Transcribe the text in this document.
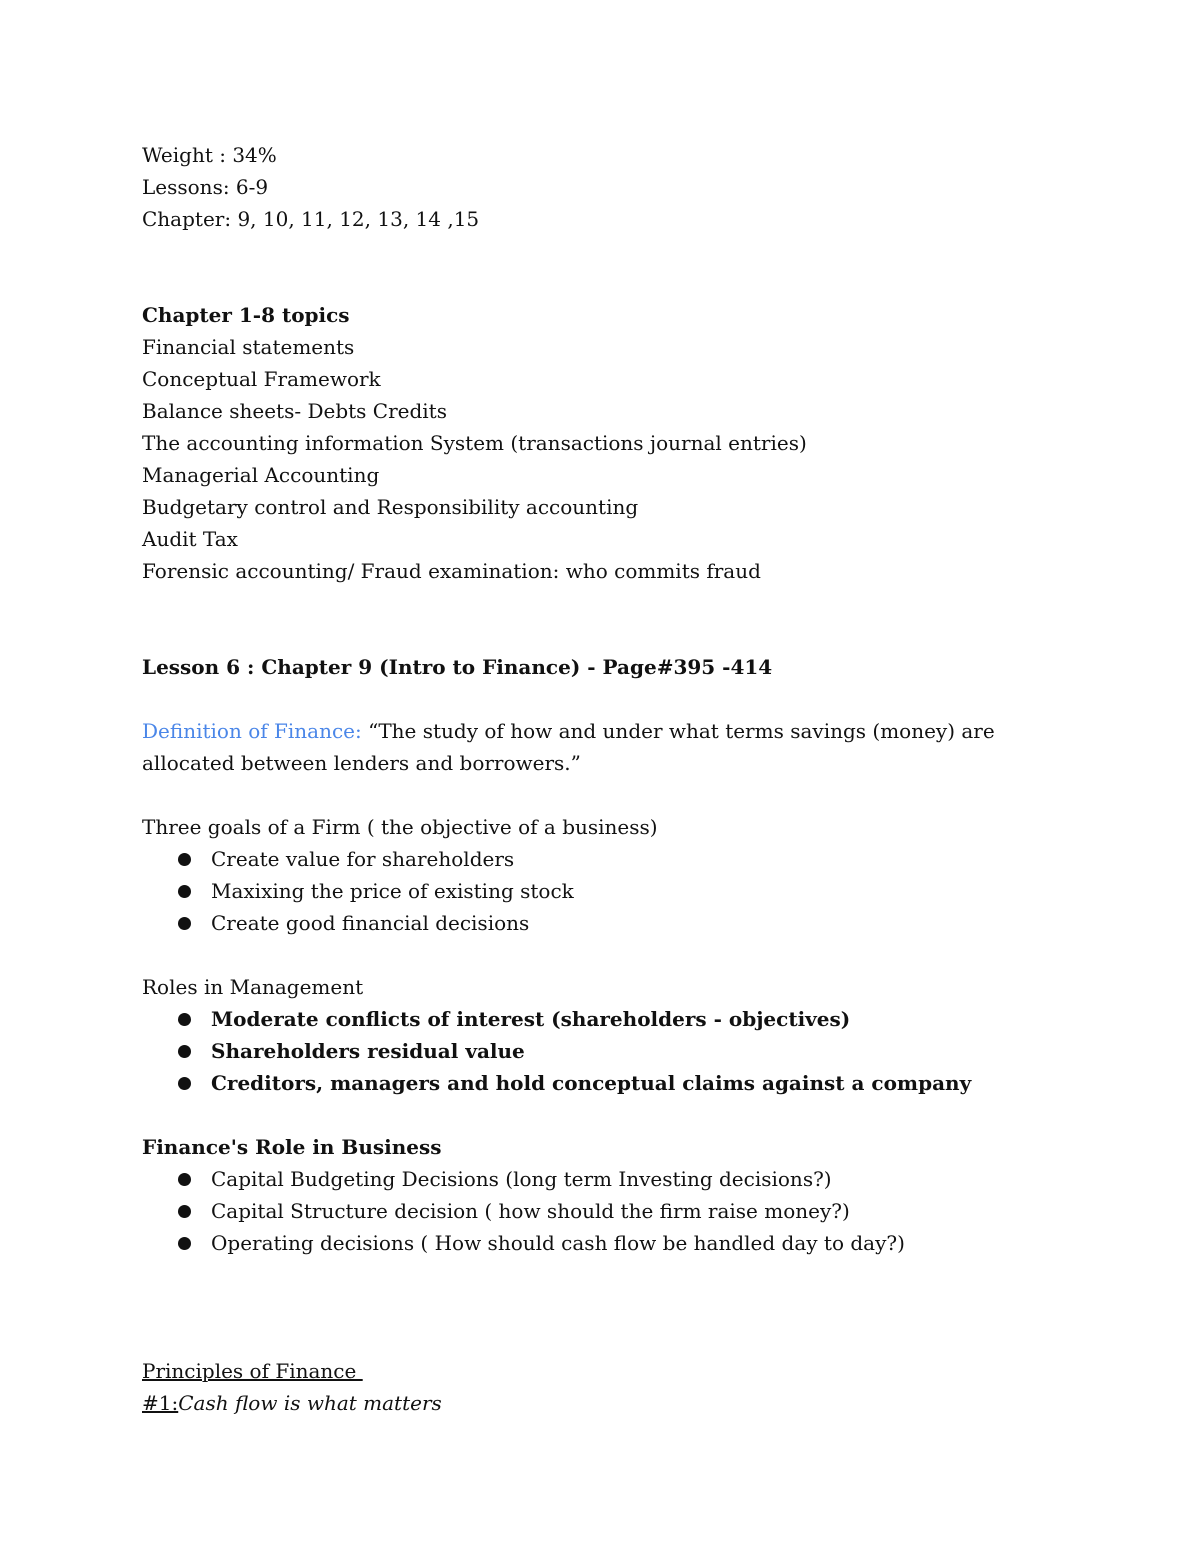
Weight : 34%
Lessons: 6-9
Chapter: 9, 10, 11, 12, 13, 14 ,15
Chapter 1-8 topics
Financial statements
Conceptual Framework
Balance sheets- Debts Credits
The accounting information System (transactions journal entries)
Managerial Accounting
Budgetary control and Responsibility accounting
Audit Tax
Forensic accounting/ Fraud examination: who commits fraud
Lesson 6 : Chapter 9 (Intro to Finance) - Page#395 -414
Definition of Finance: “The study of how and under what terms savings (money) are
allocated between lenders and borrowers.”
Three goals of a Firm ( the objective of a business)
Create value for shareholders
Maxixing the price of existing stock
Create good financial decisions
Roles in Management
Moderate conflicts of interest (shareholders - objectives)
Shareholders residual value
Creditors, managers and hold conceptual claims against a company
Finance's Role in Business
Capital Budgeting Decisions (long term Investing decisions?)
Capital Structure decision ( how should the firm raise money?)
Operating decisions ( How should cash flow be handled day to day?)
Principles of Finance
#1:Cash flow is what matters
